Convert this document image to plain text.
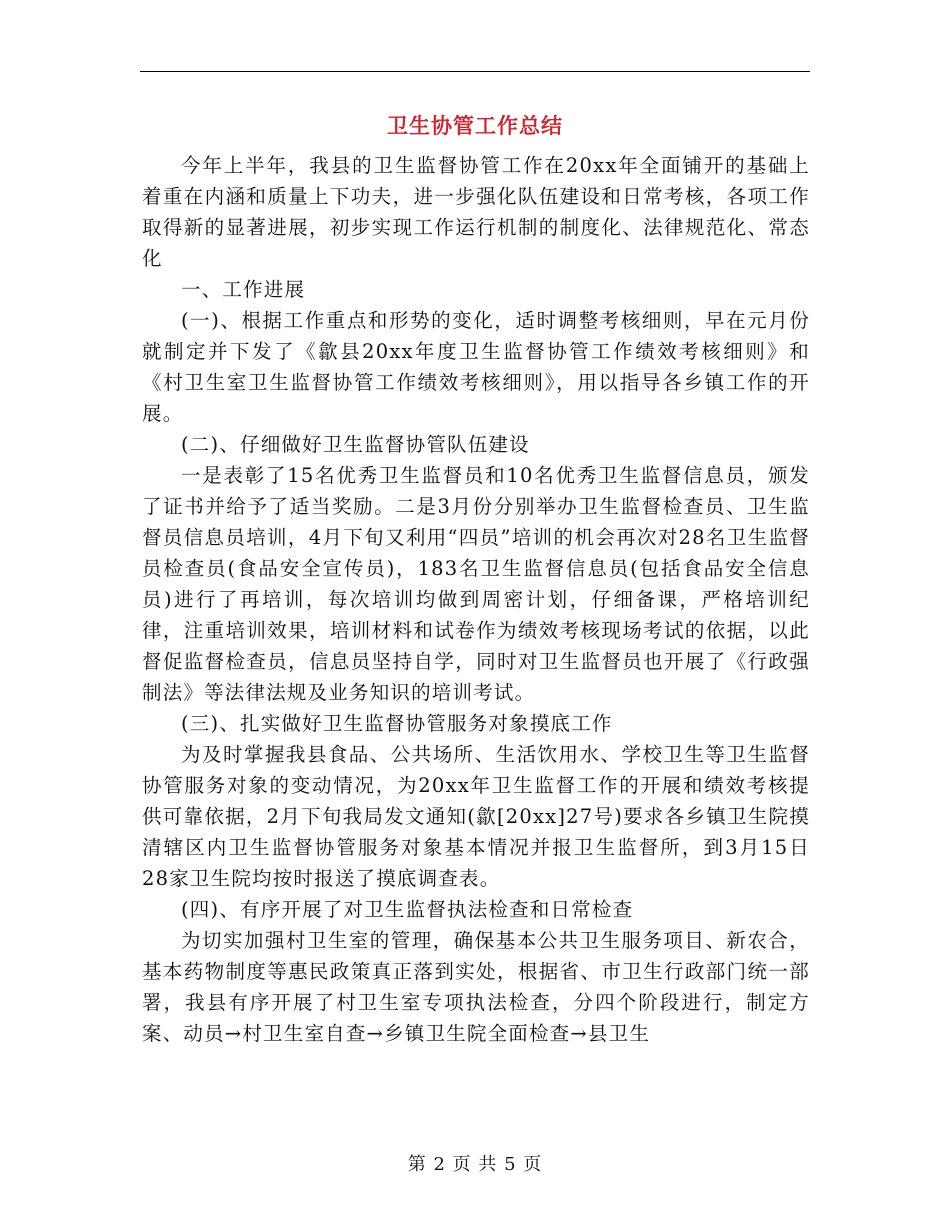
卫生协管工作总结

今年上半年，我县的卫生监督协管工作在20xx年全面铺开的基础上着重在内涵和质量上下功夫，进一步强化队伍建设和日常考核，各项工作取得新的显著进展，初步实现工作运行机制的制度化、法律规范化、常态化

一、工作进展

(一)、根据工作重点和形势的变化，适时调整考核细则，早在元月份就制定并下发了《歙县20xx年度卫生监督协管工作绩效考核细则》和《村卫生室卫生监督协管工作绩效考核细则》，用以指导各乡镇工作的开展。

(二)、仔细做好卫生监督协管队伍建设

一是表彰了15名优秀卫生监督员和10名优秀卫生监督信息员，颁发了证书并给予了适当奖励。二是3月份分别举办卫生监督检查员、卫生监督员信息员培训，4月下旬又利用“四员”培训的机会再次对28名卫生监督员检查员(食品安全宣传员)，183名卫生监督信息员(包括食品安全信息员)进行了再培训，每次培训均做到周密计划，仔细备课，严格培训纪律，注重培训效果，培训材料和试卷作为绩效考核现场考试的依据，以此督促监督检查员，信息员坚持自学，同时对卫生监督员也开展了《行政强制法》等法律法规及业务知识的培训考试。

(三)、扎实做好卫生监督协管服务对象摸底工作

为及时掌握我县食品、公共场所、生活饮用水、学校卫生等卫生监督协管服务对象的变动情况，为20xx年卫生监督工作的开展和绩效考核提供可靠依据，2月下旬我局发文通知(歙[20xx]27号)要求各乡镇卫生院摸清辖区内卫生监督协管服务对象基本情况并报卫生监督所，到3月15日28家卫生院均按时报送了摸底调查表。

(四)、有序开展了对卫生监督执法检查和日常检查

为切实加强村卫生室的管理，确保基本公共卫生服务项目、新农合，基本药物制度等惠民政策真正落到实处，根据省、市卫生行政部门统一部署，我县有序开展了村卫生室专项执法检查，分四个阶段进行，制定方案、动员→村卫生室自查→乡镇卫生院全面检查→县卫生

第 2 页 共 5 页
